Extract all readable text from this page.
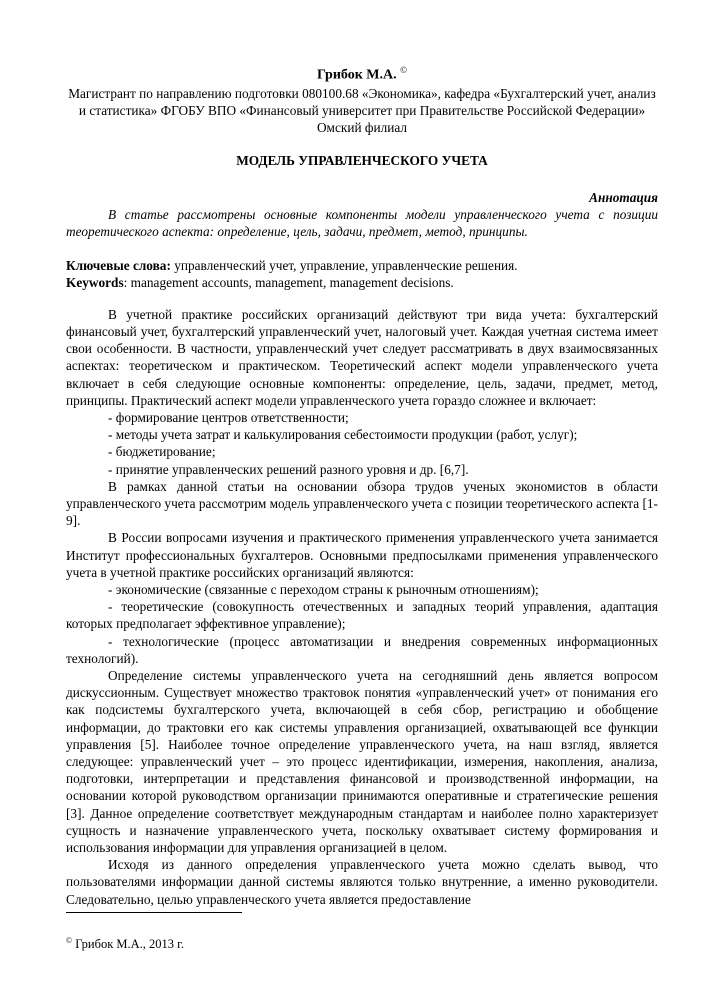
Грибок М.А. ©
Магистрант по направлению подготовки 080100.68 «Экономика», кафедра «Бухгалтерский учет, анализ и статистика» ФГОБУ ВПО «Финансовый университет при Правительстве Российской Федерации» Омский филиал
МОДЕЛЬ УПРАВЛЕНЧЕСКОГО УЧЕТА
Аннотация
В статье рассмотрены основные компоненты модели управленческого учета с позиции теоретического аспекта: определение, цель, задачи, предмет, метод, принципы.
Ключевые слова: управленческий учет, управление, управленческие решения.
Keywords: management accounts, management, management decisions.

В учетной практике российских организаций действуют три вида учета: бухгалтерский финансовый учет, бухгалтерский управленческий учет, налоговый учет. Каждая учетная система имеет свои особенности. В частности, управленческий учет следует рассматривать в двух взаимосвязанных аспектах: теоретическом и практическом. Теоретический аспект модели управленческого учета включает в себя следующие основные компоненты: определение, цель, задачи, предмет, метод, принципы. Практический аспект модели управленческого учета гораздо сложнее и включает:

- формирование центров ответственности;

- методы учета затрат и калькулирования себестоимости продукции (работ, услуг);

- бюджетирование;

- принятие управленческих решений разного уровня и др. [6,7].

В рамках данной статьи на основании обзора трудов ученых экономистов в области управленческого учета рассмотрим модель управленческого учета с позиции теоретического аспекта [1-9].

В России вопросами изучения и практического применения управленческого учета занимается Институт профессиональных бухгалтеров. Основными предпосылками применения управленческого учета в учетной практике российских организаций являются:

- экономические (связанные с переходом страны к рыночным отношениям);

- теоретические (совокупность отечественных и западных теорий управления, адаптация которых предполагает эффективное управление);

- технологические (процесс автоматизации и внедрения современных информационных технологий).

Определение системы управленческого учета на сегодняшний день является вопросом дискуссионным. Существует множество трактовок понятия «управленческий учет» от понимания его как подсистемы бухгалтерского учета, включающей в себя сбор, регистрацию и обобщение информации, до трактовки его как системы управления организацией, охватывающей все функции управления [5]. Наиболее точное определение управленческого учета, на наш взгляд, является следующее: управленческий учет – это процесс идентификации, измерения, накопления, анализа, подготовки, интерпретации и представления финансовой и производственной информации, на основании которой руководством организации принимаются оперативные и стратегические решения [3]. Данное определение соответствует международным стандартам и наиболее полно характеризует сущность и назначение управленческого учета, поскольку охватывает систему формирования и использования информации для управления организацией в целом.

Исходя из данного определения управленческого учета можно сделать вывод, что пользователями информации данной системы являются только внутренние, а именно руководители. Следовательно, целью управленческого учета является предоставление

© Грибок М.А., 2013 г.
